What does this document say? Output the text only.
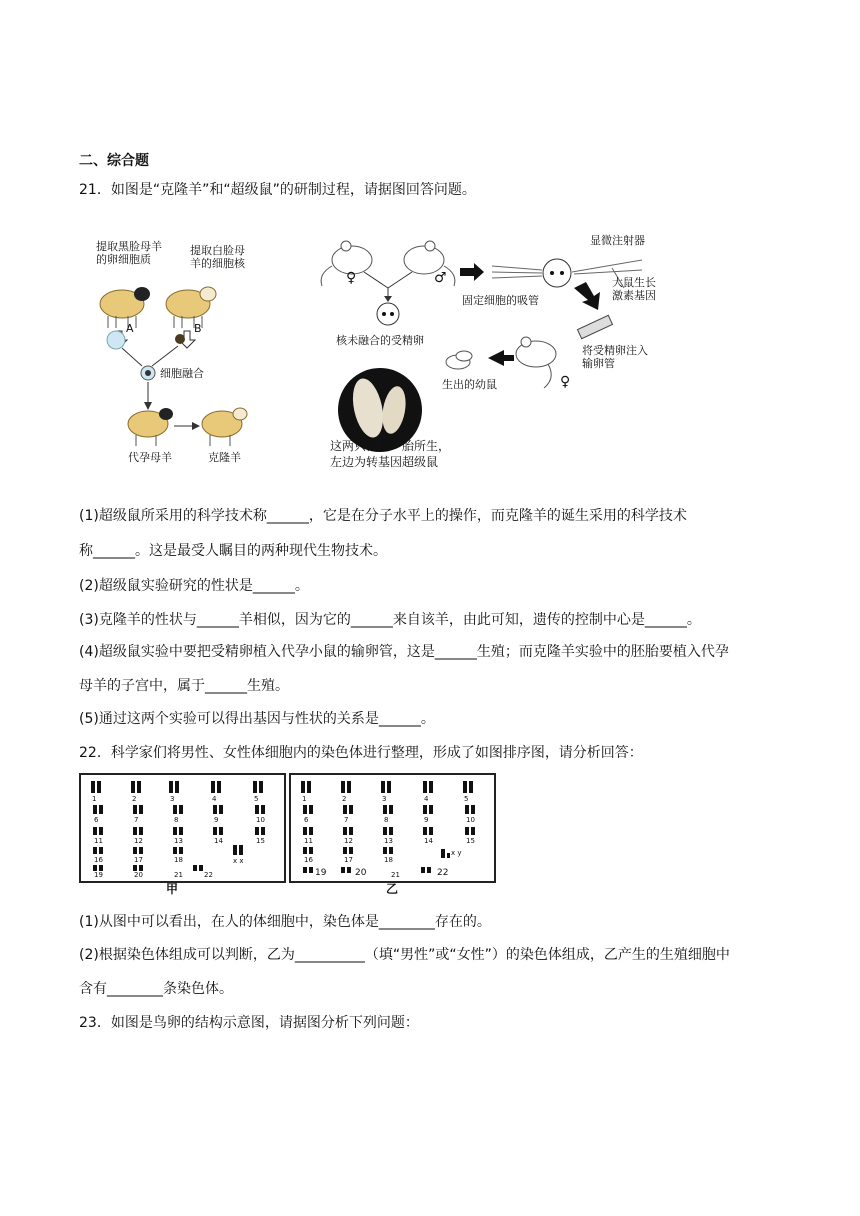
二、综合题
21．如图是“克隆羊”和“超级鼠”的研制过程，请据图回答问题。
提取黑脸母羊
的卵细胞质
提取白脸母
羊的细胞核
A	B
细胞融合
代孕母羊	克隆羊
♀	♂
固定细胞的吸管
显微注射器
大鼠生长
激素基因
核未融合的受精卵
将受精卵注入
输卵管
♀
生出的幼鼠
这两只鼠为一胎所生，
左边为转基因超级鼠
(1)超级鼠所采用的科学技术称______，它是在分子水平上的操作，而克隆羊的诞生采用的科学技术
称______。这是最受人瞩目的两种现代生物技术。
(2)超级鼠实验研究的性状是______。
(3)克隆羊的性状与______羊相似，因为它的______来自该羊，由此可知，遗传的控制中心是______。
(4)超级鼠实验中要把受精卵植入代孕小鼠的输卵管，这是______生殖；而克隆羊实验中的胚胎要植入代孕
母羊的子宫中，属于______生殖。
(5)通过这两个实验可以得出基因与性状的关系是______。
22．科学家们将男性、女性体细胞内的染色体进行整理，形成了如图排序图，请分析回答：
1	2	3	4	5
6	7	8	9	10
11	12	13	14	15
16	17	18
19	20	21	22
x x
甲
1	2	3	4	5
6	7	8	9	10
11	12	13	14	15
16	17	18
19	20	21	22
x y
乙
(1)从图中可以看出，在人的体细胞中，染色体是________存在的。
(2)根据染色体组成可以判断，乙为__________（填“男性”或“女性”）的染色体组成，乙产生的生殖细胞中
含有________条染色体。
23．如图是鸟卵的结构示意图，请据图分析下列问题：
